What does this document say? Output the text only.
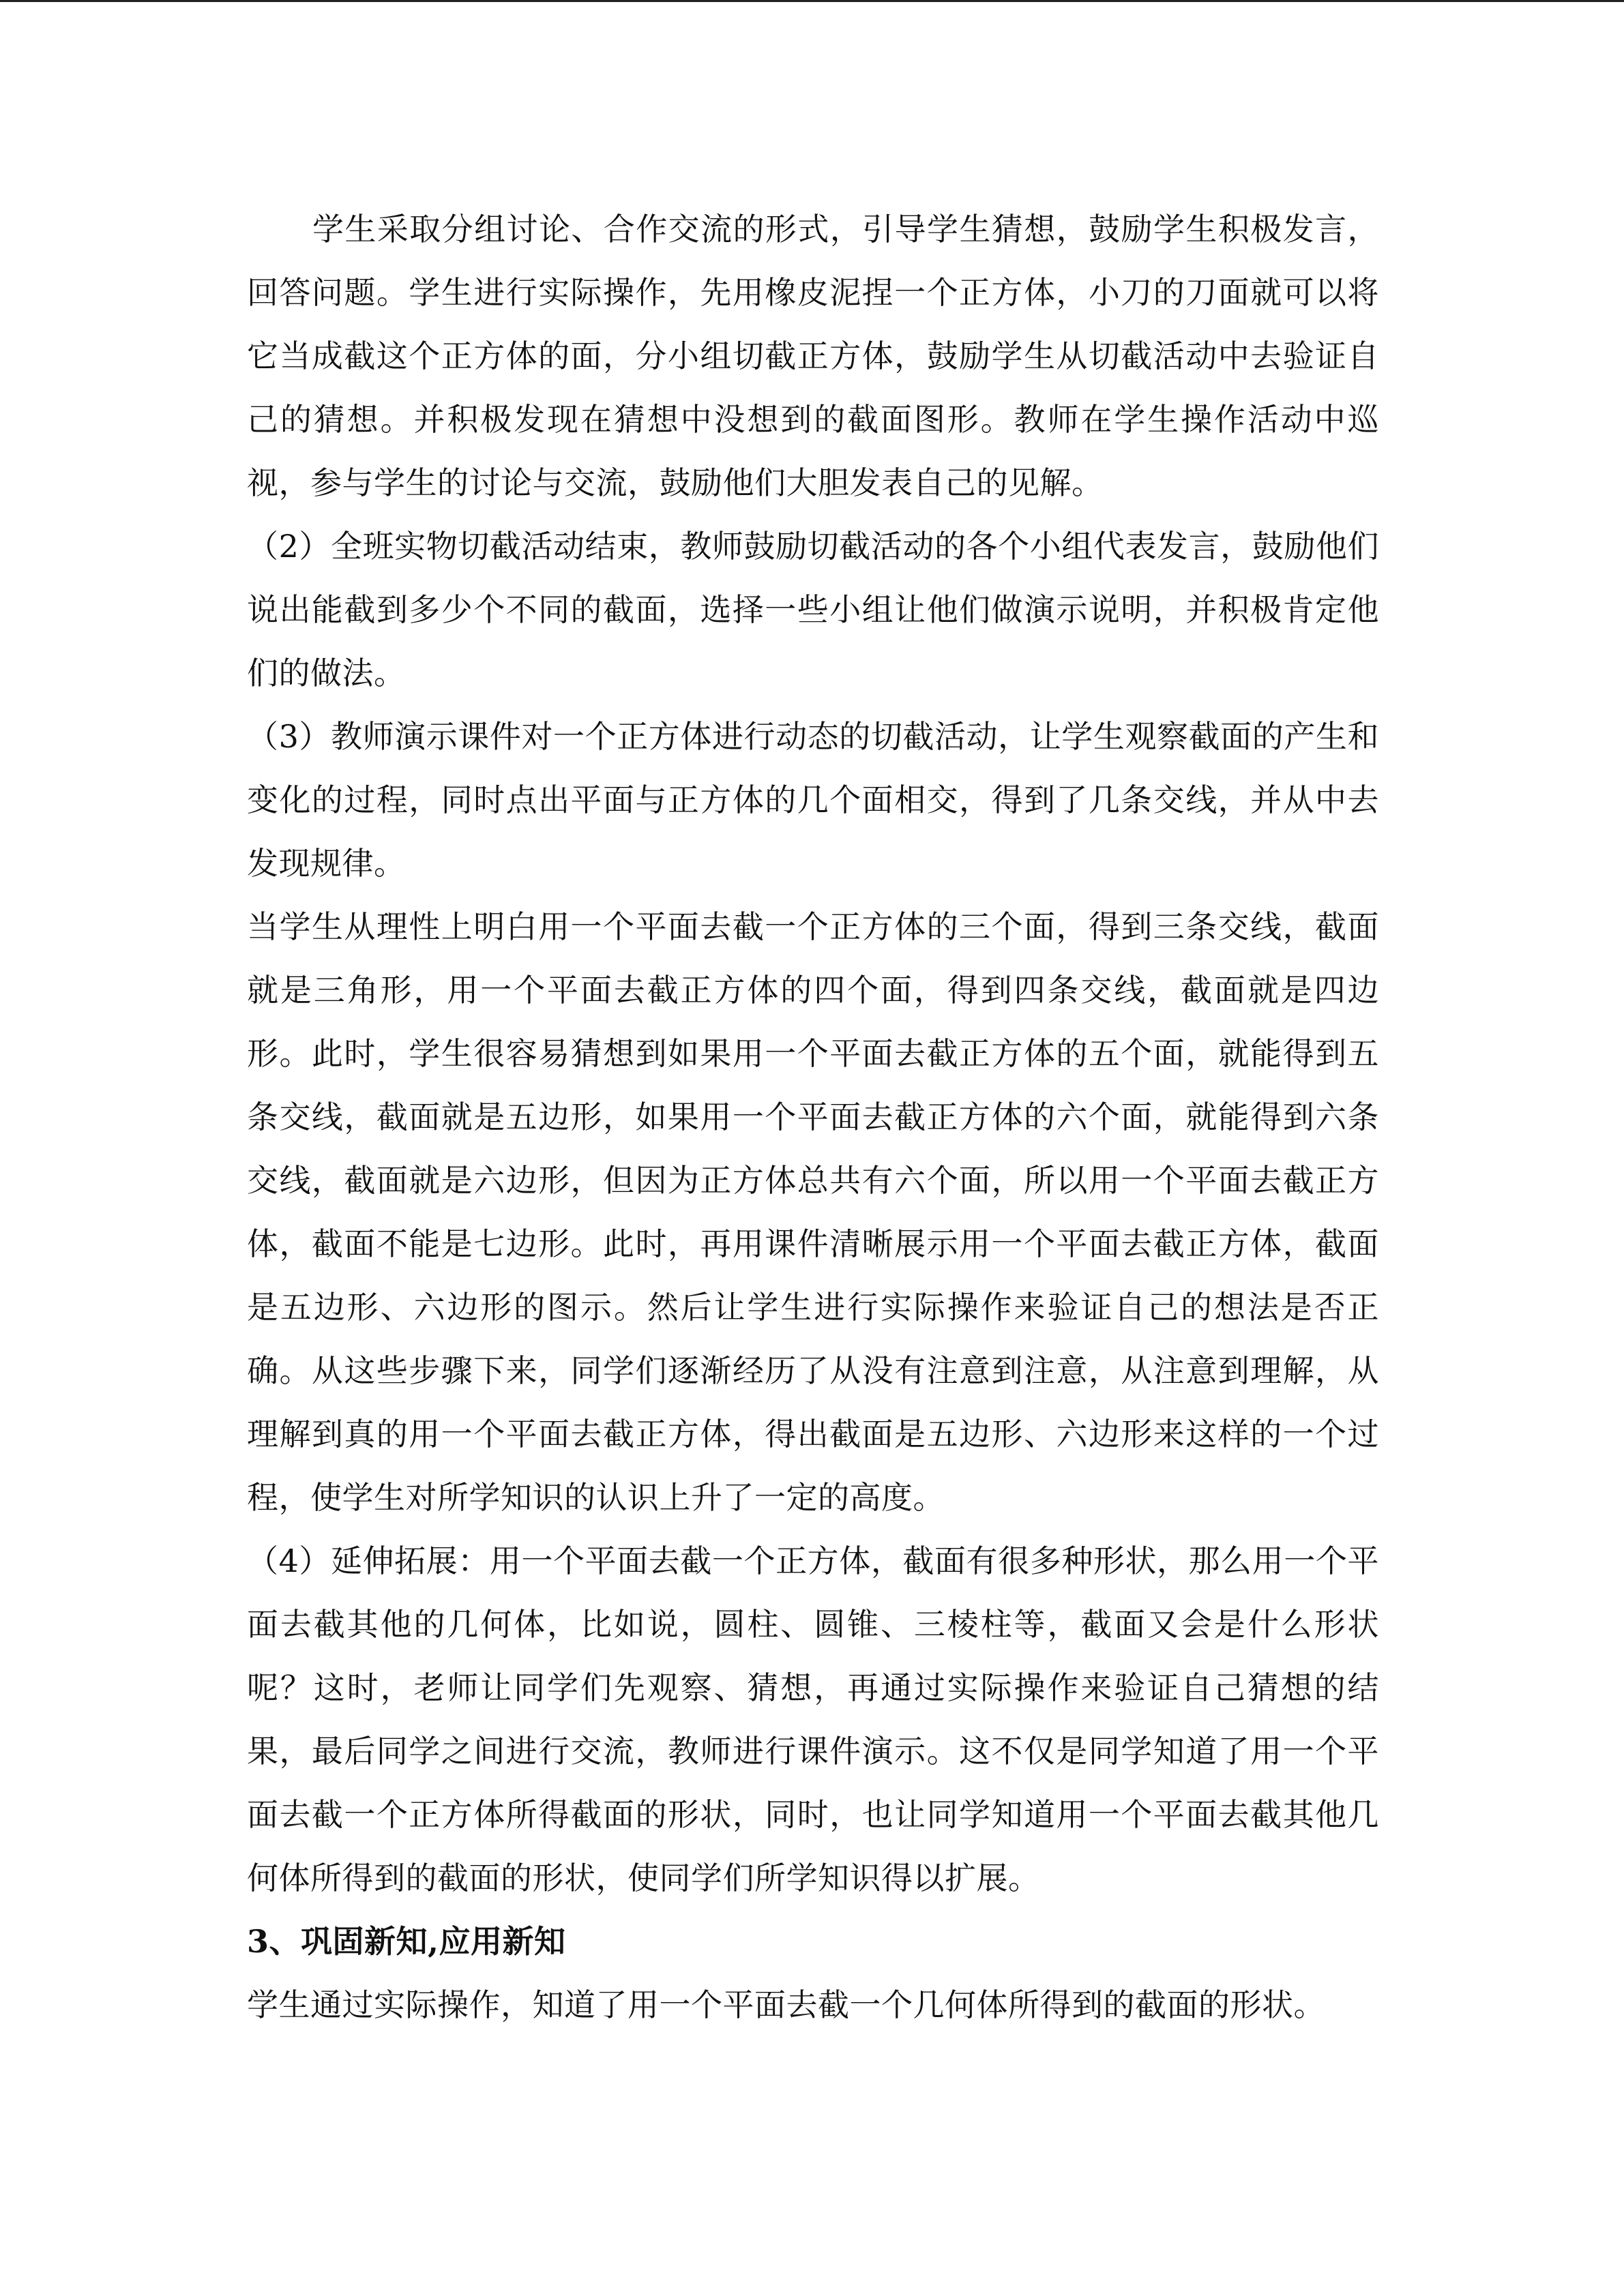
学生采取分组讨论、合作交流的形式，引导学生猜想，鼓励学生积极发言，回答问题。学生进行实际操作，先用橡皮泥捏一个正方体，小刀的刀面就可以将它当成截这个正方体的面，分小组切截正方体，鼓励学生从切截活动中去验证自己的猜想。并积极发现在猜想中没想到的截面图形。教师在学生操作活动中巡视，参与学生的讨论与交流，鼓励他们大胆发表自己的见解。

（2）全班实物切截活动结束，教师鼓励切截活动的各个小组代表发言，鼓励他们说出能截到多少个不同的截面，选择一些小组让他们做演示说明，并积极肯定他们的做法。

（3）教师演示课件对一个正方体进行动态的切截活动，让学生观察截面的产生和变化的过程，同时点出平面与正方体的几个面相交，得到了几条交线，并从中去发现规律。

当学生从理性上明白用一个平面去截一个正方体的三个面，得到三条交线，截面就是三角形，用一个平面去截正方体的四个面，得到四条交线，截面就是四边形。此时，学生很容易猜想到如果用一个平面去截正方体的五个面，就能得到五条交线，截面就是五边形，如果用一个平面去截正方体的六个面，就能得到六条交线，截面就是六边形，但因为正方体总共有六个面，所以用一个平面去截正方体，截面不能是七边形。此时，再用课件清晰展示用一个平面去截正方体，截面是五边形、六边形的图示。然后让学生进行实际操作来验证自己的想法是否正确。从这些步骤下来，同学们逐渐经历了从没有注意到注意，从注意到理解，从理解到真的用一个平面去截正方体，得出截面是五边形、六边形来这样的一个过程，使学生对所学知识的认识上升了一定的高度。

（4）延伸拓展：用一个平面去截一个正方体，截面有很多种形状，那么用一个平面去截其他的几何体，比如说，圆柱、圆锥、三棱柱等，截面又会是什么形状呢？这时，老师让同学们先观察、猜想，再通过实际操作来验证自己猜想的结果，最后同学之间进行交流，教师进行课件演示。这不仅是同学知道了用一个平面去截一个正方体所得截面的形状，同时，也让同学知道用一个平面去截其他几何体所得到的截面的形状，使同学们所学知识得以扩展。

3、巩固新知,应用新知

学生通过实际操作，知道了用一个平面去截一个几何体所得到的截面的形状。
